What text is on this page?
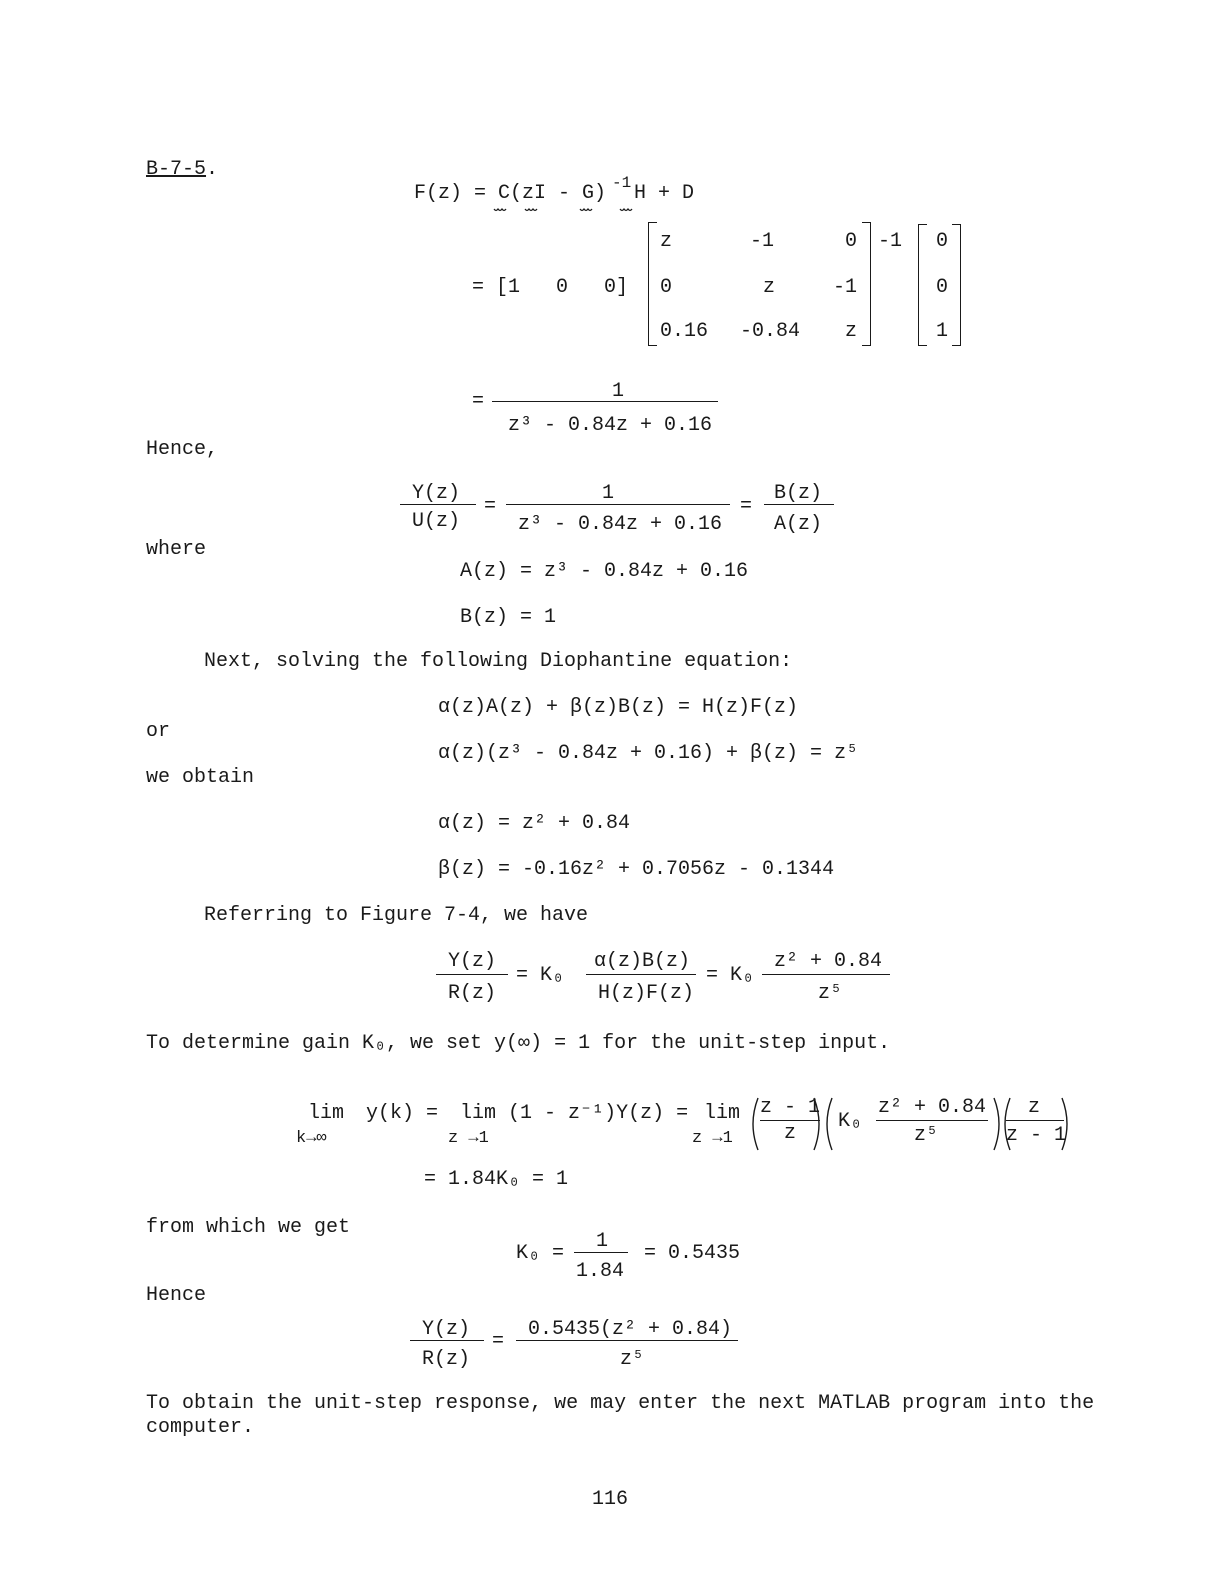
B-7-5 .
F(z) = C(zI - G) -1 H + D
= [1   0   0]
z	-1	0
0	z	-1
0.16 -0.84 z
-1 0
0
1
=	1
z³ - 0.84z + 0.16
Hence,
Y(z)
U(z)
=
1
z³ - 0.84z + 0.16
=
B(z)
A(z)
where
A(z) = z³ - 0.84z + 0.16
B(z) = 1
Next, solving the following Diophantine equation:
α(z)A(z) + β(z)B(z) = H(z)F(z)
or
α(z)(z³ - 0.84z + 0.16) + β(z) = z⁵
we obtain
α(z) = z² + 0.84
β(z) = -0.16z² + 0.7056z - 0.1344
Referring to Figure 7-4, we have
Y(z)
R(z)
= K₀
α(z)B(z)
H(z)F(z)
= K₀
z² + 0.84
z⁵
To determine gain K₀, we set y(∞) = 1 for the unit-step input.
lim
k→∞
y(k) = lim (1 - z⁻¹)Y(z) =
z →1
lim
z →1
z - 1
z
K₀
z² + 0.84
z⁵
z
z - 1
= 1.84K₀ = 1
from which we get
K₀ =
1
1.84
= 0.5435
Hence
Y(z)
R(z)
=
0.5435(z² + 0.84)
z⁵
To obtain the unit-step response, we may enter the next MATLAB program into the
computer.
116
